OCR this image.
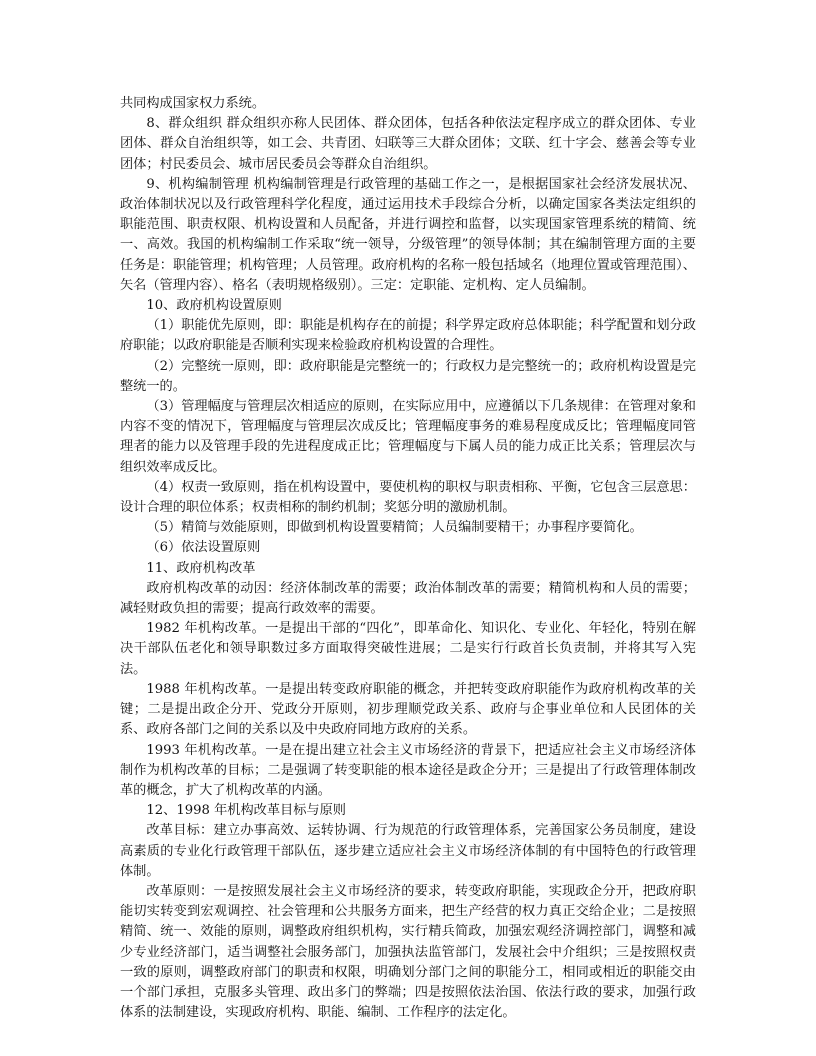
共同构成国家权力系统。

8、群众组织 群众组织亦称人民团体、群众团体，包括各种依法定程序成立的群众团体、专业团体、群众自治组织等，如工会、共青团、妇联等三大群众团体；文联、红十字会、慈善会等专业团体；村民委员会、城市居民委员会等群众自治组织。

9、机构编制管理 机构编制管理是行政管理的基础工作之一，是根据国家社会经济发展状况、政治体制状况以及行政管理科学化程度，通过运用技术手段综合分析，以确定国家各类法定组织的职能范围、职责权限、机构设置和人员配备，并进行调控和监督，以实现国家管理系统的精简、统一、高效。我国的机构编制工作采取“统一领导，分级管理”的领导体制；其在编制管理方面的主要任务是：职能管理；机构管理；人员管理。政府机构的名称一般包括域名（地理位置或管理范围）、矢名（管理内容）、格名（表明规格级别）。三定：定职能、定机构、定人员编制。

10、政府机构设置原则

（1）职能优先原则，即：职能是机构存在的前提；科学界定政府总体职能；科学配置和划分政府职能；以政府职能是否顺利实现来检验政府机构设置的合理性。

（2）完整统一原则，即：政府职能是完整统一的；行政权力是完整统一的；政府机构设置是完整统一的。

（3）管理幅度与管理层次相适应的原则，在实际应用中，应遵循以下几条规律：在管理对象和内容不变的情况下，管理幅度与管理层次成反比；管理幅度事务的难易程度成反比；管理幅度同管理者的能力以及管理手段的先进程度成正比；管理幅度与下属人员的能力成正比关系；管理层次与组织效率成反比。

（4）权责一致原则，指在机构设置中，要使机构的职权与职责相称、平衡，它包含三层意思：设计合理的职位体系；权责相称的制约机制；奖惩分明的激励机制。

（5）精简与效能原则，即做到机构设置要精简；人员编制要精干；办事程序要简化。

（6）依法设置原则

11、政府机构改革

政府机构改革的动因：经济体制改革的需要；政治体制改革的需要；精简机构和人员的需要；减轻财政负担的需要；提高行政效率的需要。

1982 年机构改革。一是提出干部的“四化”，即革命化、知识化、专业化、年轻化，特别在解决干部队伍老化和领导职数过多方面取得突破性进展；二是实行行政首长负责制，并将其写入宪法。

1988 年机构改革。一是提出转变政府职能的概念，并把转变政府职能作为政府机构改革的关键；二是提出政企分开、党政分开原则，初步理顺党政关系、政府与企事业单位和人民团体的关系、政府各部门之间的关系以及中央政府同地方政府的关系。

1993 年机构改革。一是在提出建立社会主义市场经济的背景下，把适应社会主义市场经济体制作为机构改革的目标；二是强调了转变职能的根本途径是政企分开；三是提出了行政管理体制改革的概念，扩大了机构改革的内涵。

12、1998 年机构改革目标与原则

改革目标：建立办事高效、运转协调、行为规范的行政管理体系，完善国家公务员制度，建设高素质的专业化行政管理干部队伍，逐步建立适应社会主义市场经济体制的有中国特色的行政管理体制。

改革原则：一是按照发展社会主义市场经济的要求，转变政府职能，实现政企分开，把政府职能切实转变到宏观调控、社会管理和公共服务方面来，把生产经营的权力真正交给企业；二是按照精简、统一、效能的原则，调整政府组织机构，实行精兵简政，加强宏观经济调控部门，调整和减少专业经济部门，适当调整社会服务部门，加强执法监管部门，发展社会中介组织；三是按照权责一致的原则，调整政府部门的职责和权限，明确划分部门之间的职能分工，相同或相近的职能交由一个部门承担，克服多头管理、政出多门的弊端；四是按照依法治国、依法行政的要求，加强行政体系的法制建设，实现政府机构、职能、编制、工作程序的法定化。
